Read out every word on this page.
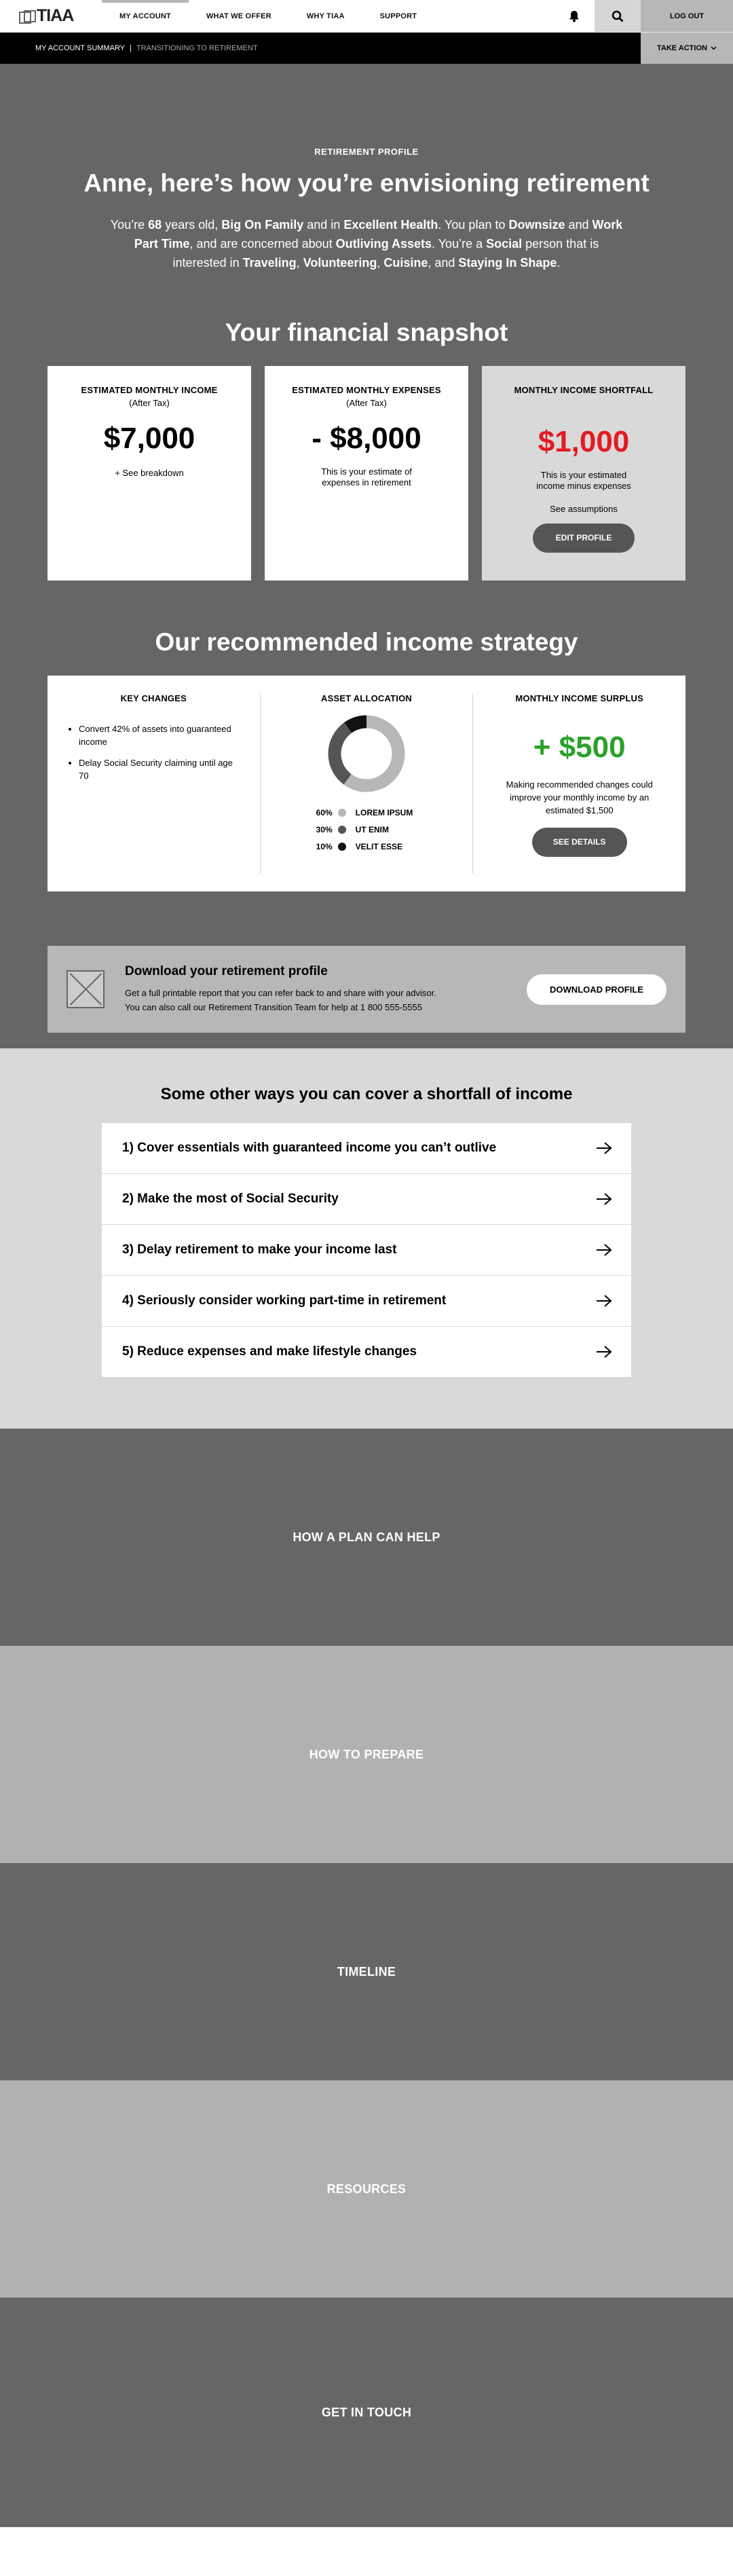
TIAA	MY ACCOUNT	WHAT WE OFFER	WHY TIAA	SUPPORT	LOG OUT
MY ACCOUNT SUMMARY | TRANSITIONING TO RETIREMENT	TAKE ACTION
RETIREMENT PROFILE
Anne, here’s how you’re envisioning retirement

You’re 68 years old, Big On Family and in Excellent Health. You plan to Downsize and Work Part Time, and are concerned about Outliving Assets. You’re a Social person that is interested in Traveling, Volunteering, Cuisine, and Staying In Shape.

Your financial snapshot
ESTIMATED MONTHLY INCOME
(After Tax)
$7,000
+ See breakdown
ESTIMATED MONTHLY EXPENSES
(After Tax)
- $8,000
This is your estimate of expenses in retirement
MONTHLY INCOME SHORTFALL
$1,000
This is your estimated income minus expenses
See assumptions
EDIT PROFILE
Our recommended income strategy
KEY CHANGES
• Convert 42% of assets into guaranteed income
• Delay Social Security claiming until age 70
ASSET ALLOCATION
60%	LOREM IPSUM
30%	UT ENIM
10%	VELIT ESSE
MONTHLY INCOME SURPLUS
+ $500
Making recommended changes could improve your monthly income by an estimated $1,500
SEE DETAILS
Download your retirement profile
Get a full printable report that you can refer back to and share with your advisor.
You can also call our Retirement Transition Team for help at 1 800 555-5555
DOWNLOAD PROFILE
Some other ways you can cover a shortfall of income
1) Cover essentials with guaranteed income you can’t outlive
2) Make the most of Social Security
3) Delay retirement to make your income last
4) Seriously consider working part-time in retirement
5) Reduce expenses and make lifestyle changes
HOW A PLAN CAN HELP
HOW TO PREPARE
TIMELINE
RESOURCES
GET IN TOUCH
